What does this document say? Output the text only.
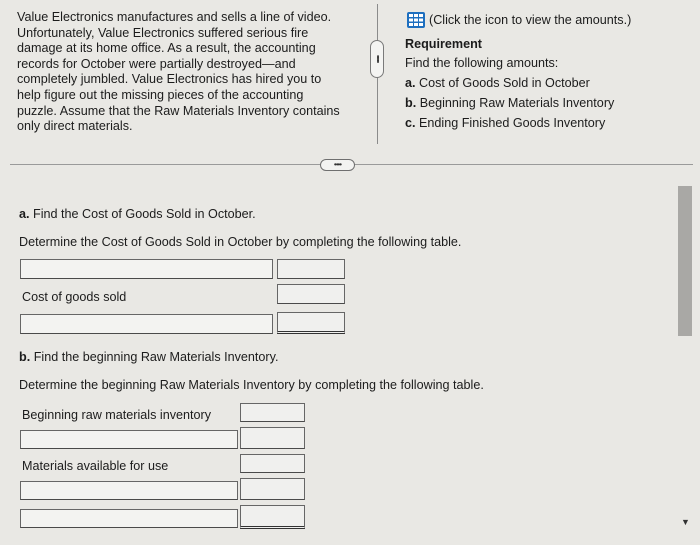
Value Electronics manufactures and sells a line of video.
Unfortunately, Value Electronics suffered serious fire
damage at its home office. As a result, the accounting
records for October were partially destroyed—and
completely jumbled. Value Electronics has hired you to
help figure out the missing pieces of the accounting
puzzle. Assume that the Raw Materials Inventory contains
only direct materials.
•••••
(Click the icon to view the amounts.)
Requirement
Find the following amounts:
a. Cost of Goods Sold in October
b. Beginning Raw Materials Inventory
c. Ending Finished Goods Inventory
••••
a. Find the Cost of Goods Sold in October.
Determine the Cost of Goods Sold in October by completing the following table.
Cost of goods sold
b. Find the beginning Raw Materials Inventory.
Determine the beginning Raw Materials Inventory by completing the following table.
Beginning raw materials inventory
Materials available for use
▼
